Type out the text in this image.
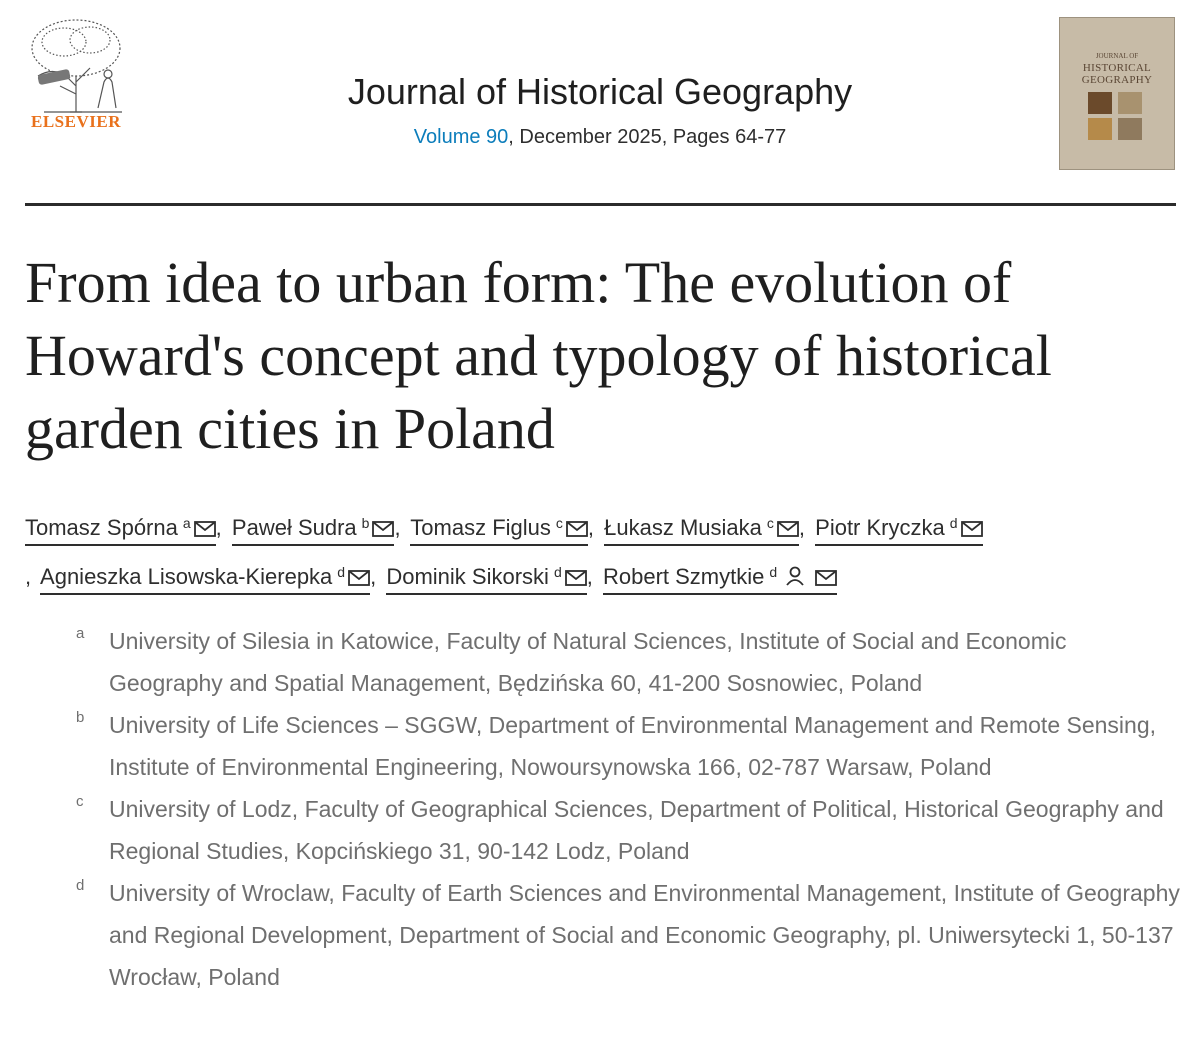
ELSEVIER
Journal of Historical Geography
Volume 90, December 2025, Pages 64-77
JOURNAL OF
HISTORICAL
GEOGRAPHY
From idea to urban form: The evolution of Howard's concept and typology of historical garden cities in Poland
Tomasz Spórna $^a$ , Paweł Sudra $^b$ , Tomasz Figlus $^c$ , Łukasz Musiaka $^c$ , Piotr Kryczka $^d$
, Agnieszka Lisowska-Kierepka $^d$ , Dominik Sikorski $^d$ , Robert Szmytkie $^d$
a University of Silesia in Katowice, Faculty of Natural Sciences, Institute of Social and Economic Geography and Spatial Management, Będzińska 60, 41-200 Sosnowiec, Poland
b University of Life Sciences – SGGW, Department of Environmental Management and Remote Sensing, Institute of Environmental Engineering, Nowoursynowska 166, 02-787 Warsaw, Poland
c University of Lodz, Faculty of Geographical Sciences, Department of Political, Historical Geography and Regional Studies, Kopcińskiego 31, 90-142 Lodz, Poland
d University of Wroclaw, Faculty of Earth Sciences and Environmental Management, Institute of Geography and Regional Development, Department of Social and Economic Geography, pl. Uniwersytecki 1, 50-137 Wrocław, Poland
